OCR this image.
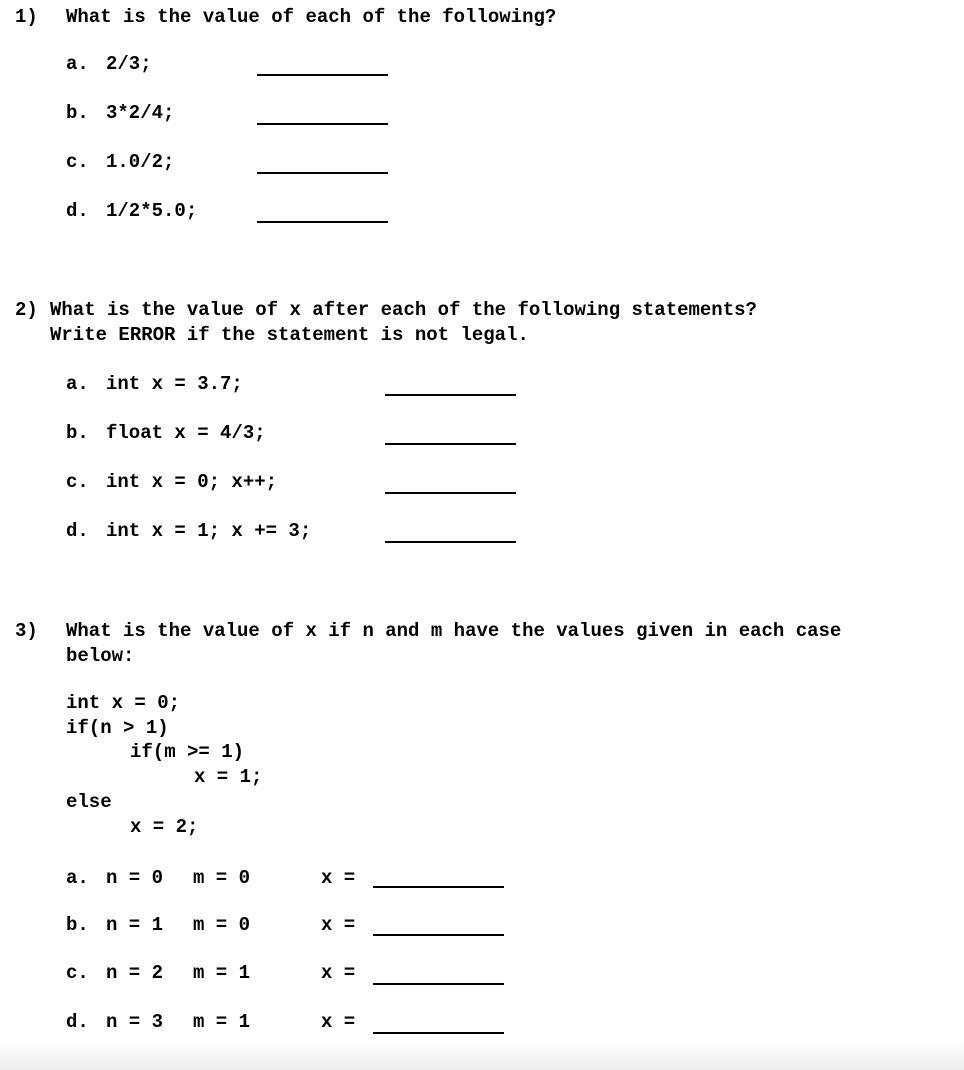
1) What is the value of each of the following?
a. 2/3;
b. 3*2/4;
c. 1.0/2;
d. 1/2*5.0;
2) What is the value of x after each of the following statements?
Write ERROR if the statement is not legal.
a. int x = 3.7;
b. float x = 4/3;
c. int x = 0; x++;
d. int x = 1; x += 3;
3) What is the value of x if n and m have the values given in each case
below:
int x = 0;
if(n > 1)
if(m >= 1)
x = 1;
else
x = 2;
a. n = 0 m = 0	x =
b. n = 1 m = 0	x =
c. n = 2 m = 1	x =
d. n = 3 m = 1	x =
